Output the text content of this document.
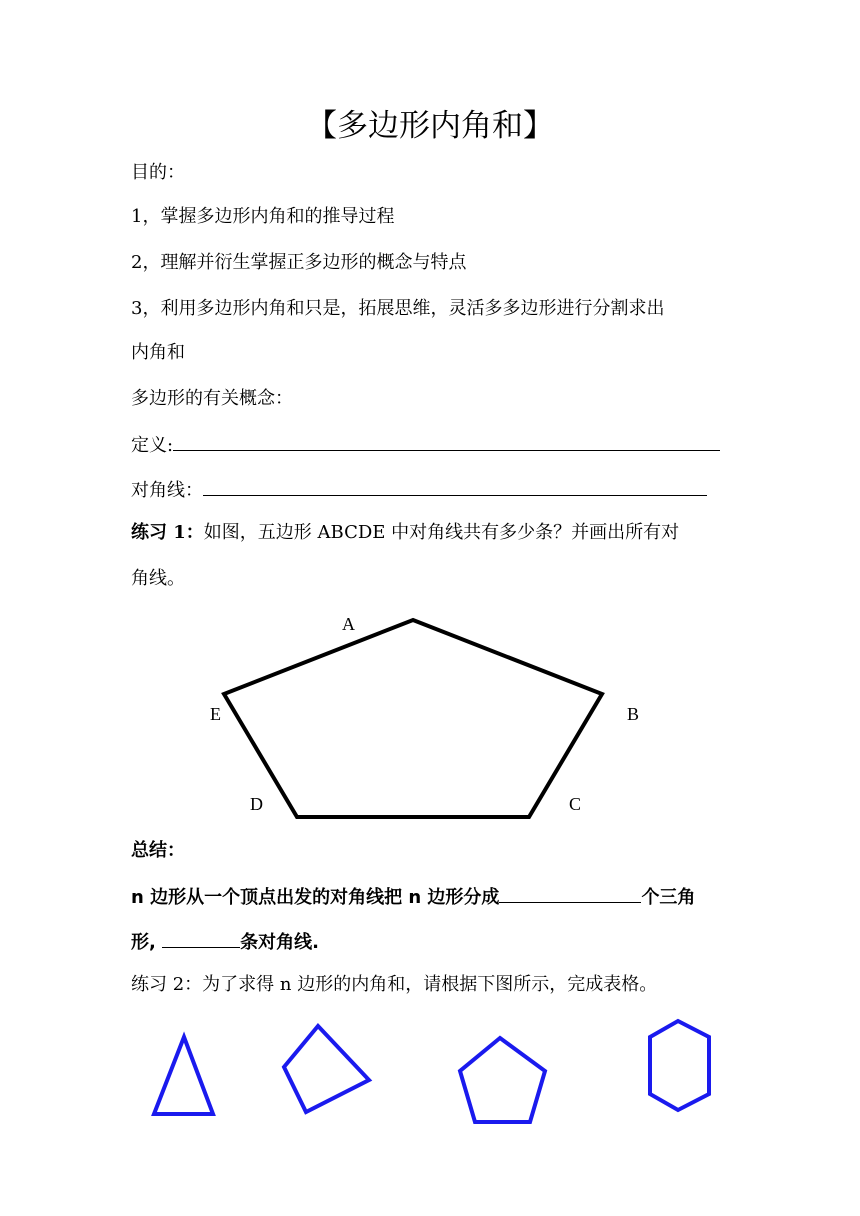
【多边形内角和】
目的：
1，掌握多边形内角和的推导过程
2，理解并衍生掌握正多边形的概念与特点
3，利用多边形内角和只是，拓展思维，灵活多多边形进行分割求出
内角和
多边形的有关概念：
定义:
对角线：
练习 1：如图，五边形 ABCDE 中对角线共有多少条？并画出所有对
角线。
A
B
C
D
E
总结：
n 边形从一个顶点出发的对角线把 n 边形分成	个三角
形,	条对角线.
练习 2：为了求得 n 边形的内角和，请根据下图所示，完成表格。
